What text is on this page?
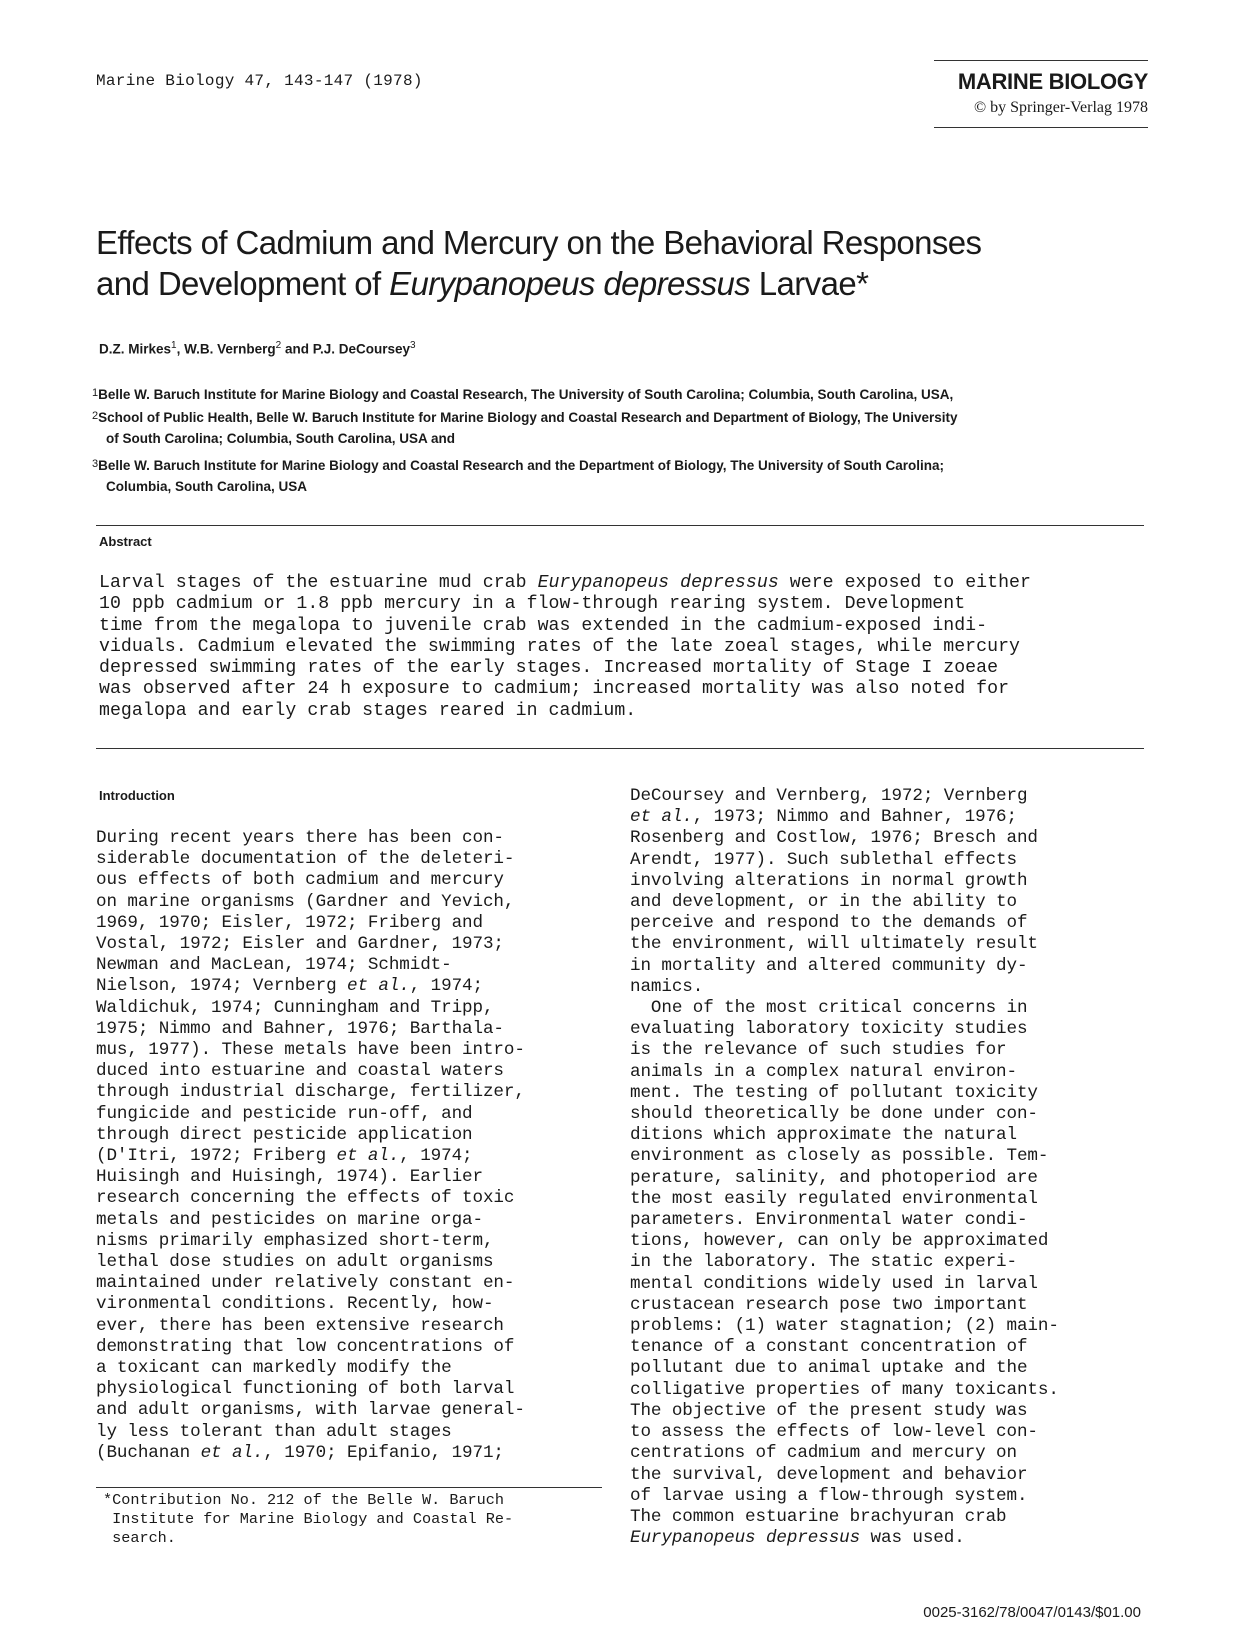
Marine Biology 47, 143-147 (1978)	MARINE BIOLOGY
© by Springer-Verlag 1978
Effects of Cadmium and Mercury on the Behavioral Responses
and Development of Eurypanopeus depressus Larvae*
D.Z. Mirkes$^1$, W.B. Vernberg$^2$ and P.J. DeCoursey$^3$
$^1$Belle W. Baruch Institute for Marine Biology and Coastal Research, The University of South Carolina; Columbia, South Carolina, USA,
$^2$School of Public Health, Belle W. Baruch Institute for Marine Biology and Coastal Research and Department of Biology, The University
of South Carolina; Columbia, South Carolina, USA and
$^3$Belle W. Baruch Institute for Marine Biology and Coastal Research and the Department of Biology, The University of South Carolina;
Columbia, South Carolina, USA
Abstract
Larval stages of the estuarine mud crab Eurypanopeus depressus were exposed to either
10 ppb cadmium or 1.8 ppb mercury in a flow-through rearing system. Development
time from the megalopa to juvenile crab was extended in the cadmium-exposed indi-
viduals. Cadmium elevated the swimming rates of the late zoeal stages, while mercury
depressed swimming rates of the early stages. Increased mortality of Stage I zoeae
was observed after 24 h exposure to cadmium; increased mortality was also noted for
megalopa and early crab stages reared in cadmium.
Introduction
During recent years there has been con-
siderable documentation of the deleteri-
ous effects of both cadmium and mercury
on marine organisms (Gardner and Yevich,
1969, 1970; Eisler, 1972; Friberg and
Vostal, 1972; Eisler and Gardner, 1973;
Newman and MacLean, 1974; Schmidt-
Nielson, 1974; Vernberg et al., 1974;
Waldichuk, 1974; Cunningham and Tripp,
1975; Nimmo and Bahner, 1976; Barthala-
mus, 1977). These metals have been intro-
duced into estuarine and coastal waters
through industrial discharge, fertilizer,
fungicide and pesticide run-off, and
through direct pesticide application
(D'Itri, 1972; Friberg et al., 1974;
Huisingh and Huisingh, 1974). Earlier
research concerning the effects of toxic
metals and pesticides on marine orga-
nisms primarily emphasized short-term,
lethal dose studies on adult organisms
maintained under relatively constant en-
vironmental conditions. Recently, how-
ever, there has been extensive research
demonstrating that low concentrations of
a toxicant can markedly modify the
physiological functioning of both larval
and adult organisms, with larvae general-
ly less tolerant than adult stages
(Buchanan et al., 1970; Epifanio, 1971;
DeCoursey and Vernberg, 1972; Vernberg
et al., 1973; Nimmo and Bahner, 1976;
Rosenberg and Costlow, 1976; Bresch and
Arendt, 1977). Such sublethal effects
involving alterations in normal growth
and development, or in the ability to
perceive and respond to the demands of
the environment, will ultimately result
in mortality and altered community dy-
namics.
One of the most critical concerns in
evaluating laboratory toxicity studies
is the relevance of such studies for
animals in a complex natural environ-
ment. The testing of pollutant toxicity
should theoretically be done under con-
ditions which approximate the natural
environment as closely as possible. Tem-
perature, salinity, and photoperiod are
the most easily regulated environmental
parameters. Environmental water condi-
tions, however, can only be approximated
in the laboratory. The static experi-
mental conditions widely used in larval
crustacean research pose two important
problems: (1) water stagnation; (2) main-
tenance of a constant concentration of
pollutant due to animal uptake and the
colligative properties of many toxicants.
The objective of the present study was
to assess the effects of low-level con-
centrations of cadmium and mercury on
the survival, development and behavior
of larvae using a flow-through system.
The common estuarine brachyuran crab
Eurypanopeus depressus was used.
*Contribution No. 212 of the Belle W. Baruch
Institute for Marine Biology and Coastal Re-
search.
0025-3162/78/0047/0143/$01.00
